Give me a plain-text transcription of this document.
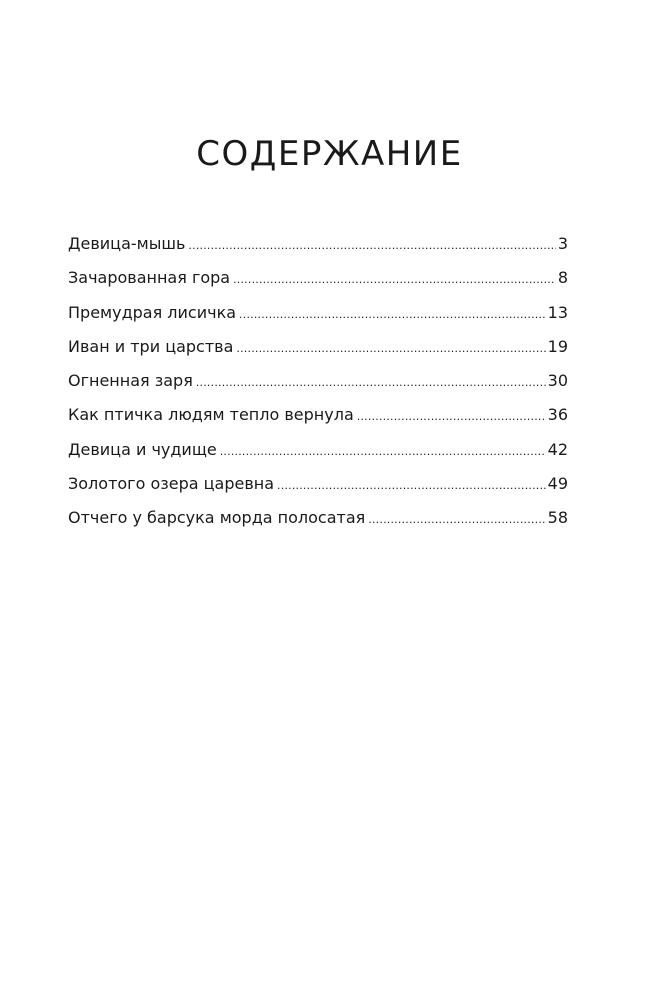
СОДЕРЖАНИЕ
Девица-мышь .....	3
Зачарованная гора .....	8
Премудрая лисичка .....	13
Иван и три царства .....	19
Огненная заря .....	30
Как птичка людям тепло вернула .....	36
Девица и чудище .....	42
Золотого озера царевна .....	49
Отчего у барсука морда полосатая .....	58
